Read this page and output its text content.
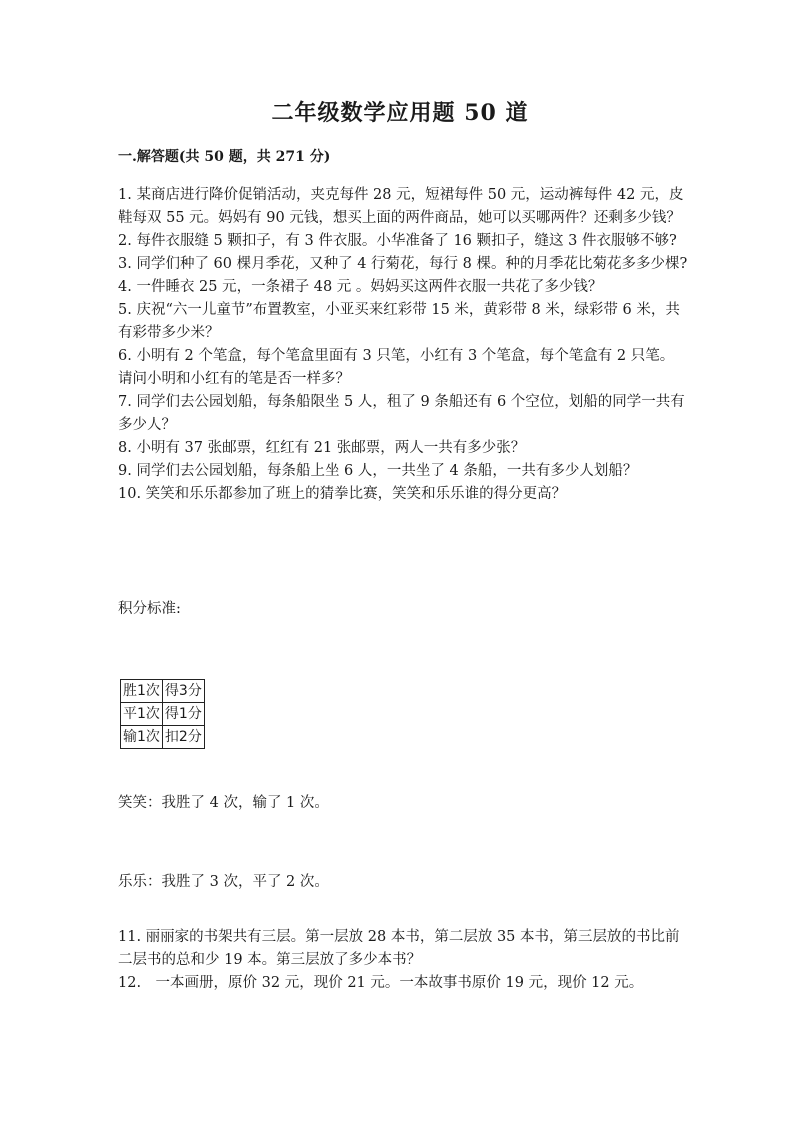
二年级数学应用题 50 道
一.解答题(共 50 题，共 271 分)

1. 某商店进行降价促销活动，夹克每件 28 元，短裙每件 50 元，运动裤每件 42 元，皮鞋每双 55 元。妈妈有 90 元钱，想买上面的两件商品，她可以买哪两件？还剩多少钱？

2. 每件衣服缝 5 颗扣子，有 3 件衣服。小华准备了 16 颗扣子，缝这 3 件衣服够不够?

3. 同学们种了 60 棵月季花，又种了 4 行菊花，每行 8 棵。种的月季花比菊花多多少棵?

4. 一件睡衣 25 元，一条裙子 48 元 。妈妈买这两件衣服一共花了多少钱？

5. 庆祝“六一儿童节”布置教室，小亚买来红彩带 15 米，黄彩带 8 米，绿彩带 6 米，共有彩带多少米？

6. 小明有 2 个笔盒，每个笔盒里面有 3 只笔，小红有 3 个笔盒，每个笔盒有 2 只笔。请问小明和小红有的笔是否一样多？

7. 同学们去公园划船，每条船限坐 5 人，租了 9 条船还有 6 个空位，划船的同学一共有多少人？

8. 小明有 37 张邮票，红红有 21 张邮票，两人一共有多少张？

9. 同学们去公园划船，每条船上坐 6 人，一共坐了 4 条船，一共有多少人划船？

10. 笑笑和乐乐都参加了班上的猜拳比赛，笑笑和乐乐谁的得分更高？

积分标准:
胜1次	得3分
平1次	得1分
输1次	扣2分
笑笑：我胜了 4 次，输了 1 次。
乐乐：我胜了 3 次，平了 2 次。

11. 丽丽家的书架共有三层。第一层放 28 本书，第二层放 35 本书，第三层放的书比前二层书的总和少 19 本。第三层放了多少本书？

12.　一本画册，原价 32 元，现价 21 元。一本故事书原价 19 元，现价 12 元。
